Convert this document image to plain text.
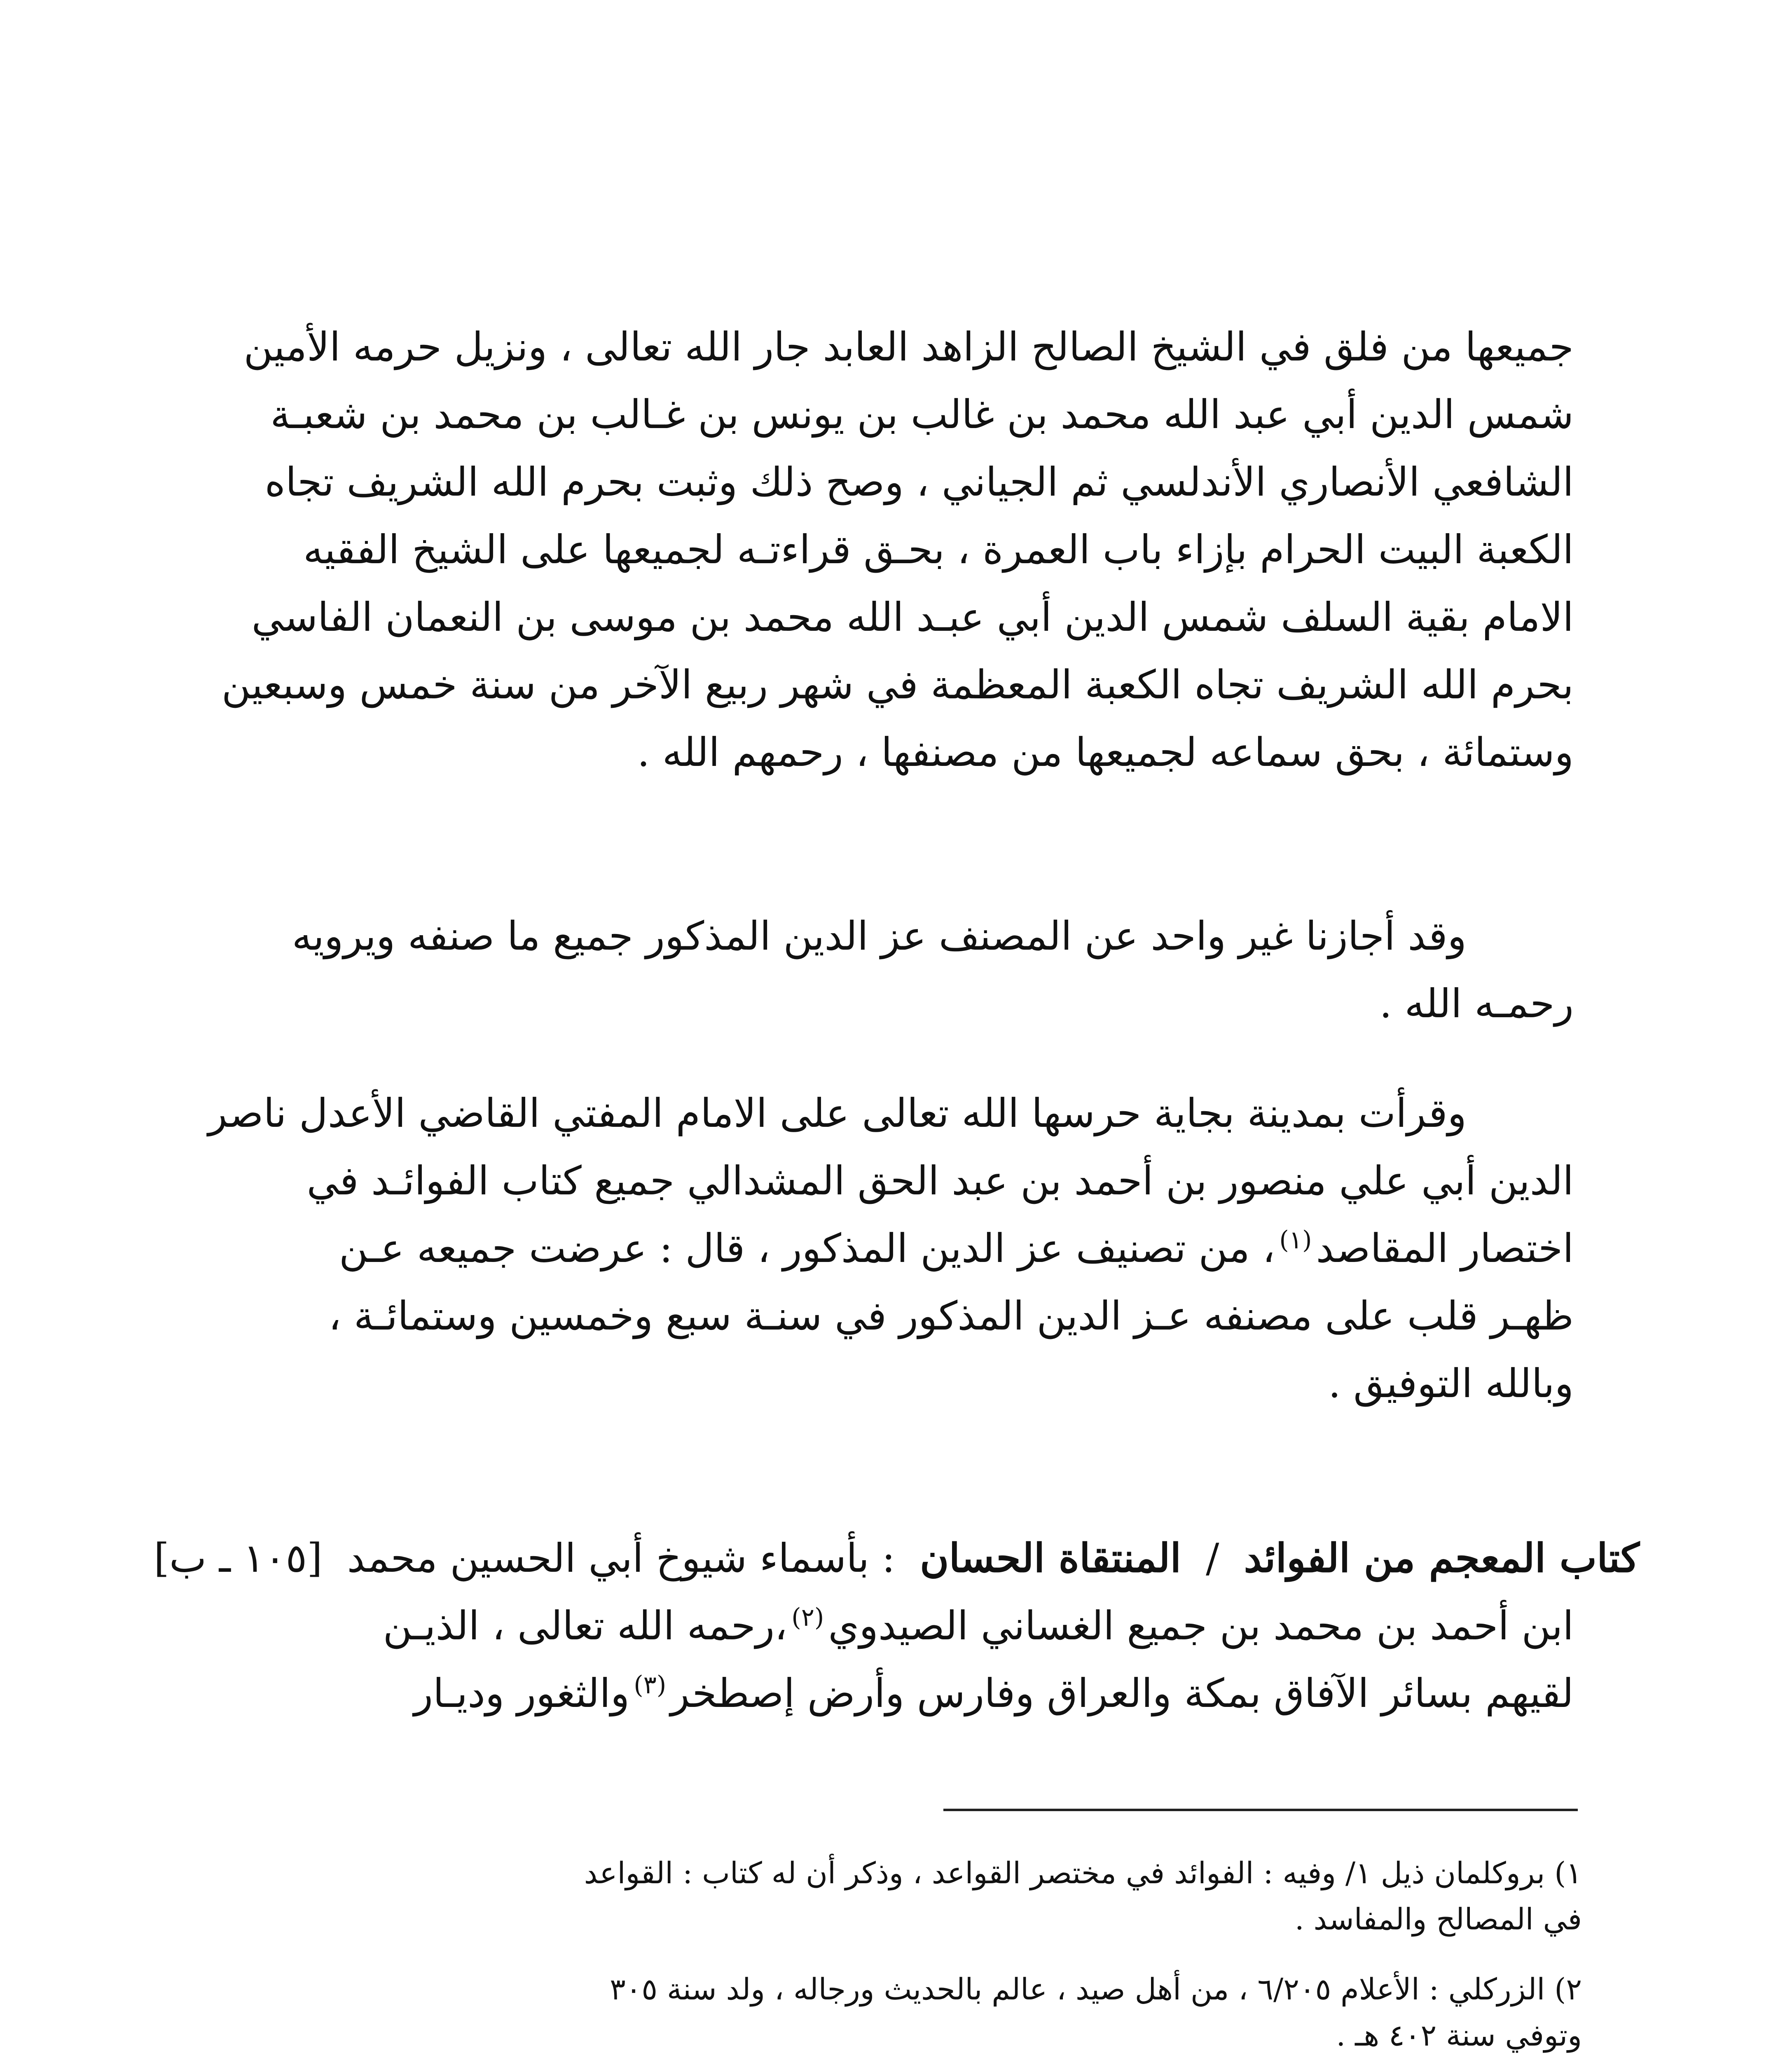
جميعها من فلق في الشيخ الصالح الزاهد العابد جار الله تعالى ، ونزيل حرمه الأمين
شمس الدين أبي عبد الله محمد بن غالب بن يونس بن غـالب بن محمد بن شعبـة
الشافعي الأنصاري الأندلسي ثم الجياني ، وصح ذلك وثبت بحرم الله الشريف تجاه
الكعبة البيت الحرام بإزاء باب العمرة ، بحـق قراءتـه لجميعها على الشيخ الفقيه
الامام بقية السلف شمس الدين أبي عبـد الله محمد بن موسى بن النعمان الفاسي
بحرم الله الشريف تجاه الكعبة المعظمة في شهر ربيع الآخر من سنة خمس وسبعين
وستمائة ، بحق سماعه لجميعها من مصنفها ، رحمهم الله .
وقد أجازنا غير واحد عن المصنف عز الدين المذكور جميع ما صنفه ويرويه
رحمـه الله .
وقرأت بمدينة بجاية حرسها الله تعالى على الامام المفتي القاضي الأعدل ناصر
الدين أبي علي منصور بن أحمد بن عبد الحق المشدالي جميع كتاب الفوائـد في
اختصار المقاصد$^{(١)}$، من تصنيف عز الدين المذكور ، قال : عرضت جميعه عـن
ظهـر قلب على مصنفه عـز الدين المذكور في سنـة سبع وخمسين وستمائـة ،
وبالله التوفيق .
كتاب المعجم من الفوائد
/
المنتقاة الحسان
: بأسماء شيوخ أبي الحسين محمد
[١٠٥ ـ ب]
ابن أحمد بن محمد بن جميع الغساني الصيدوي$^{(٢)}$،رحمه الله تعالى ، الذيـن
لقيهم بسائر الآفاق بمكة والعراق وفارس وأرض إصطخر$^{(٣)}$والثغور وديـار
١) بروكلمان ذيل ١/ وفيه : الفوائد في مختصر القواعد ، وذكر أن له كتاب : القواعد
في المصالح والمفاسد .
٢) الزركلي : الأعلام ٦/٢٠٥ ، من أهل صيد ، عالم بالحديث ورجاله ، ولد سنة ٣٠٥
وتوفي سنة ٤٠٢ هـ .
